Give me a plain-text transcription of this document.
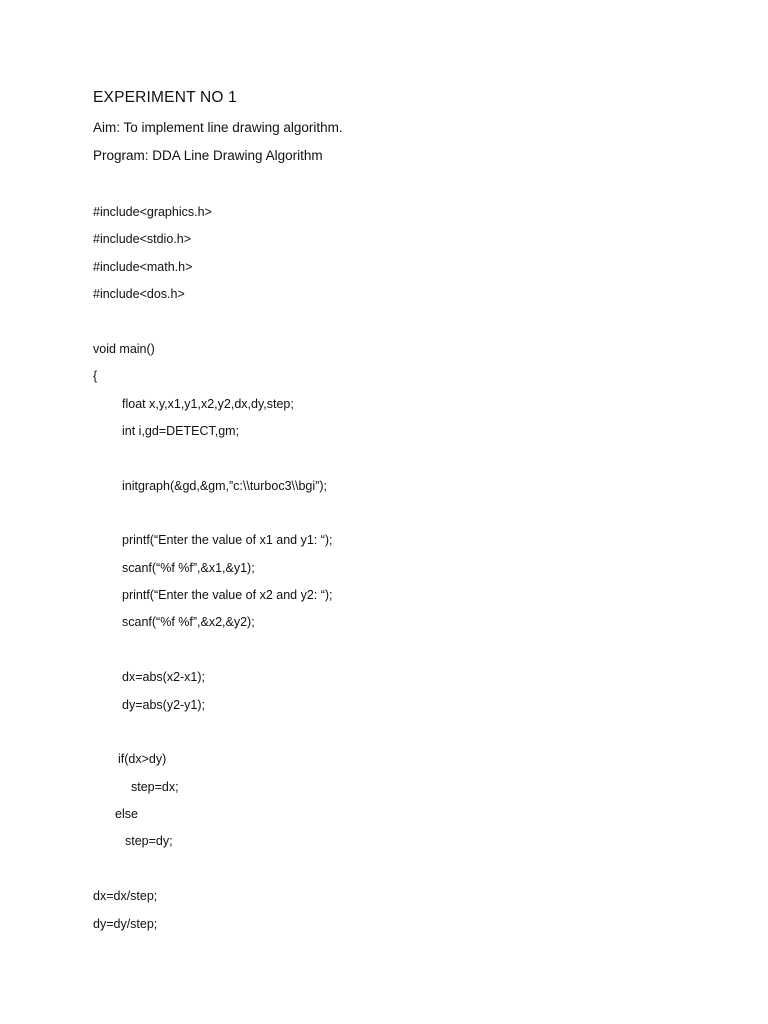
EXPERIMENT NO 1
Aim: To implement line drawing algorithm.
Program: DDA Line Drawing Algorithm
#include<graphics.h>
#include<stdio.h>
#include<math.h>
#include<dos.h>
void main()
{
float x,y,x1,y1,x2,y2,dx,dy,step;
int i,gd=DETECT,gm;
initgraph(&gd,&gm,”c:\\turboc3\\bgi”);
printf(“Enter the value of x1 and y1: “);
scanf(“%f %f”,&x1,&y1);
printf(“Enter the value of x2 and y2: “);
scanf(“%f %f”,&x2,&y2);
dx=abs(x2-x1);
dy=abs(y2-y1);
if(dx>dy)
step=dx;
else
step=dy;
dx=dx/step;
dy=dy/step;
